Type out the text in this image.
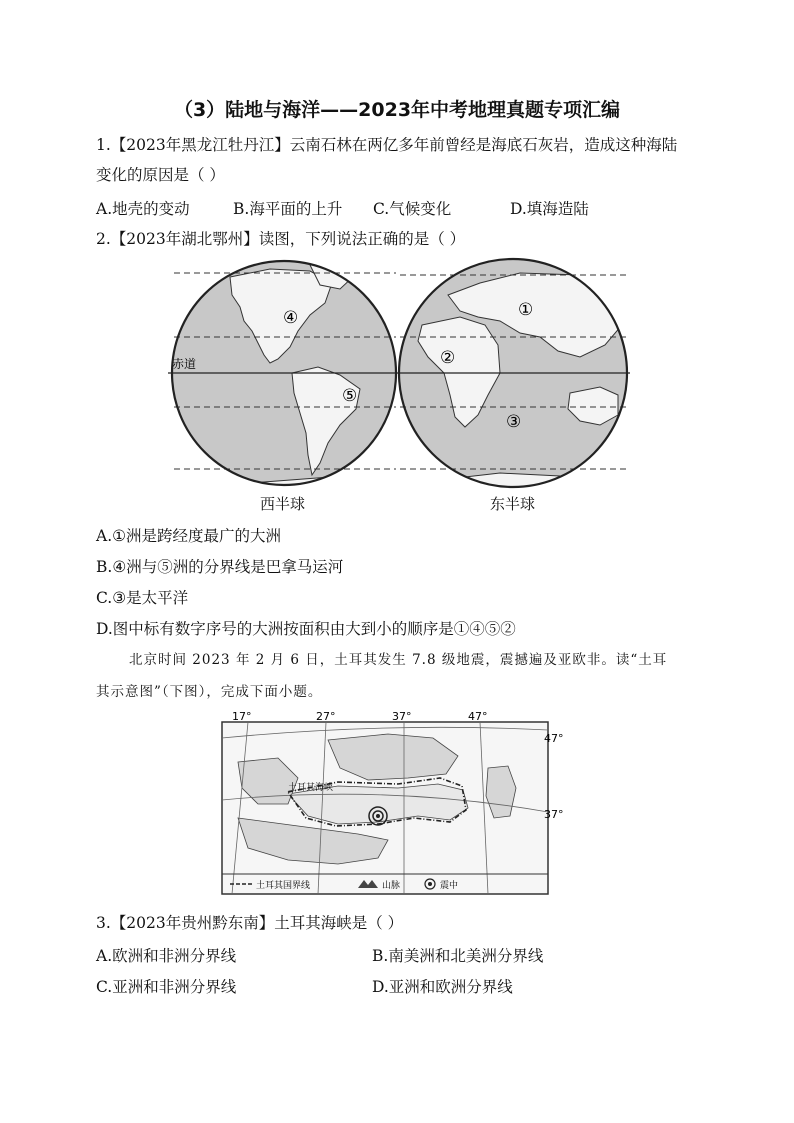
（3）陆地与海洋——2023年中考地理真题专项汇编
1.【2023年黑龙江牡丹江】云南石林在两亿多年前曾经是海底石灰岩，造成这种海陆
变化的原因是（ ）
A.地壳的变动	B.海平面的上升 C.气候变化	D.填海造陆
2.【2023年湖北鄂州】读图，下列说法正确的是（ ）
赤道
④
⑤
①
②
③
西半球	东半球
A.①洲是跨经度最广的大洲
B.④洲与⑤洲的分界线是巴拿马运河
C.③是太平洋
D.图中标有数字序号的大洲按面积由大到小的顺序是①④⑤②
北京时间 2023 年 2 月 6 日，土耳其发生 7.8 级地震，震撼遍及亚欧非。读“土耳
其示意图”（下图），完成下面小题。
17°	27°	37°	47°
47°
37°
土耳其海峡
土耳其国界线	山脉	震中
3.【2023年贵州黔东南】土耳其海峡是（ ）
A.欧洲和非洲分界线	B.南美洲和北美洲分界线
C.亚洲和非洲分界线	D.亚洲和欧洲分界线
